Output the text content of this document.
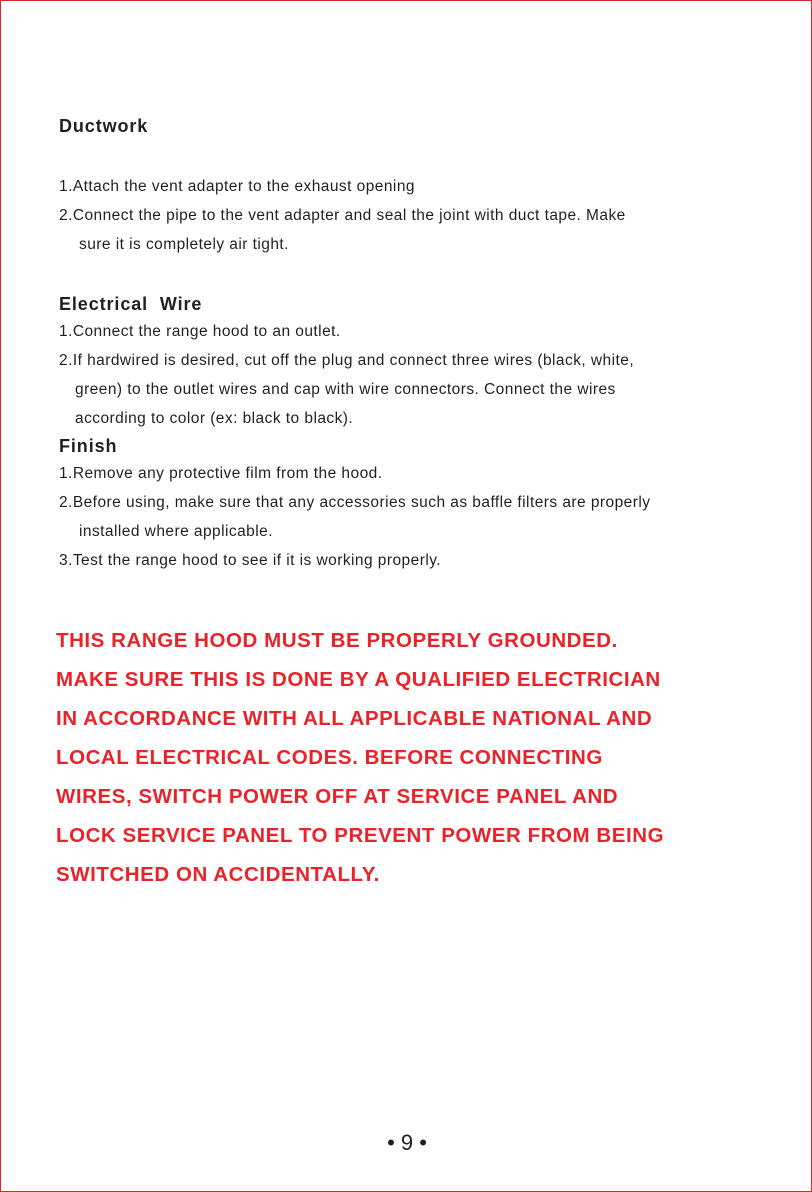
Ductwork
1.Attach the vent adapter to the exhaust opening
2.Connect the pipe to the vent adapter and seal the joint with duct tape. Make
sure it is completely air tight.
Electrical  Wire
1.Connect the range hood to an outlet.
2.If hardwired is desired, cut off the plug and connect three wires (black, white,
green) to the outlet wires and cap with wire connectors. Connect the wires
according to color (ex: black to black).
Finish
1.Remove any protective film from the hood.
2.Before using, make sure that any accessories such as baffle filters are properly
installed where applicable.
3.Test the range hood to see if it is working properly.
THIS RANGE HOOD MUST BE PROPERLY GROUNDED.
MAKE SURE THIS IS DONE BY A QUALIFIED ELECTRICIAN
IN ACCORDANCE WITH ALL APPLICABLE NATIONAL AND
LOCAL ELECTRICAL CODES. BEFORE CONNECTING
WIRES, SWITCH POWER OFF AT SERVICE PANEL AND
LOCK SERVICE PANEL TO PREVENT POWER FROM BEING
SWITCHED ON ACCIDENTALLY.
• 9 •
